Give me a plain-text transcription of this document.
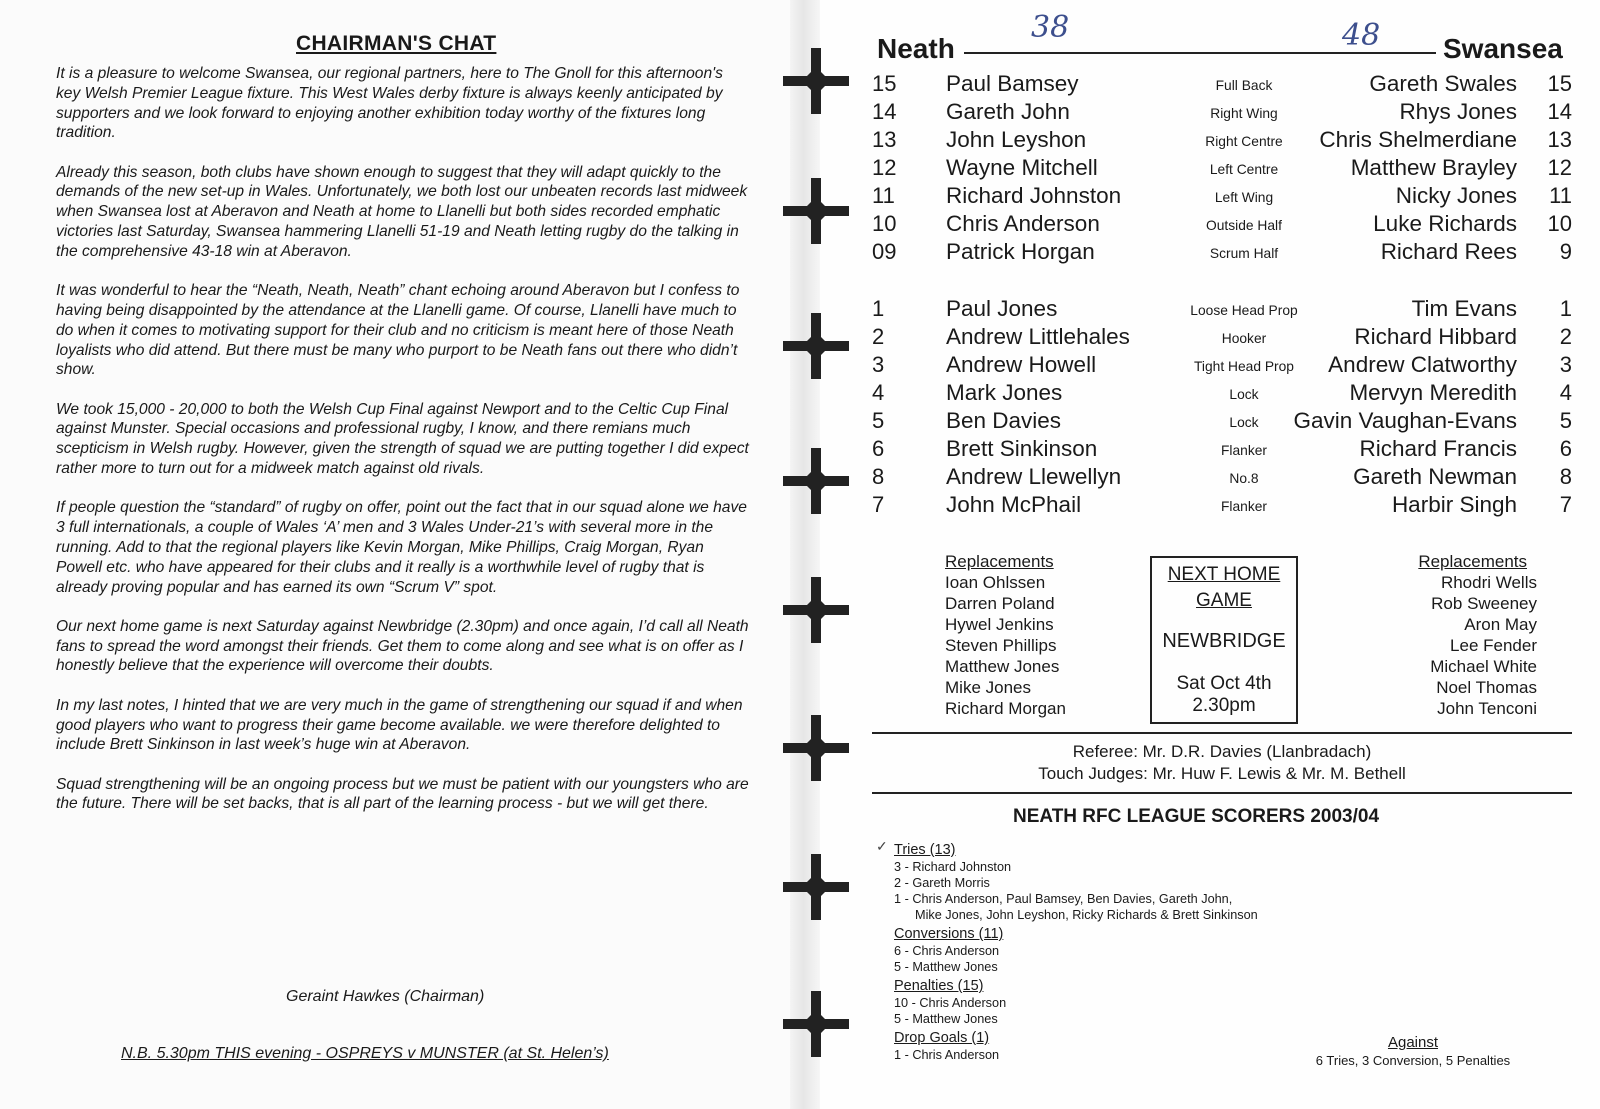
CHAIRMAN'S CHAT

It is a pleasure to welcome Swansea, our regional partners, here to The Gnoll for this afternoon's key Welsh Premier League fixture. This West Wales derby fixture is always keenly anticipated by supporters and we look forward to enjoying another exhibition today worthy of the fixtures long tradition.

Already this season, both clubs have shown enough to suggest that they will adapt quickly to the demands of the new set-up in Wales. Unfortunately, we both lost our unbeaten records last midweek when Swansea lost at Aberavon and Neath at home to Llanelli but both sides recorded emphatic victories last Saturday, Swansea hammering Llanelli 51-19 and Neath letting rugby do the talking in the comprehensive 43-18 win at Aberavon.

It was wonderful to hear the “Neath, Neath, Neath” chant echoing around Aberavon but I confess to having being disappointed by the attendance at the Llanelli game. Of course, Llanelli have much to do when it comes to motivating support for their club and no criticism is meant here of those Neath loyalists who did attend. But there must be many who purport to be Neath fans out there who didn’t show.

We took 15,000 - 20,000 to both the Welsh Cup Final against Newport and to the Celtic Cup Final against Munster. Special occasions and professional rugby, I know, and there remians much scepticism in Welsh rugby. However, given the strength of squad we are putting together I did expect rather more to turn out for a midweek match against old rivals.

If people question the “standard” of rugby on offer, point out the fact that in our squad alone we have 3 full internationals, a couple of Wales ‘A’ men and 3 Wales Under-21’s with several more in the running. Add to that the regional players like Kevin Morgan, Mike Phillips, Craig Morgan, Ryan Powell etc. who have appeared for their clubs and it really is a worthwhile level of rugby that is already proving popular and has earned its own “Scrum V” spot.

Our next home game is next Saturday against Newbridge (2.30pm) and once again, I’d call all Neath fans to spread the word amongst their friends. Get them to come along and see what is on offer as I honestly believe that the experience will overcome their doubts.

In my last notes, I hinted that we are very much in the game of strengthening our squad if and when good players who want to progress their game become available. we were therefore delighted to include Brett Sinkinson in last week’s huge win at Aberavon.

Squad strengthening will be an ongoing process but we must be patient with our youngsters who are the future. There will be set backs, that is all part of the learning process - but we will get there.

Geraint Hawkes (Chairman)
N.B. 5.30pm THIS evening - OSPREYS v MUNSTER (at St. Helen’s)
Neath	Swansea
38	48
15	Paul Bamsey	Full Back	Gareth Swales	15
14	Gareth John	Right Wing	Rhys Jones	14
13	John Leyshon	Right Centre	Chris Shelmerdiane	13
12	Wayne Mitchell	Left Centre	Matthew Brayley	12
11	Richard Johnston	Left Wing	Nicky Jones	11
10	Chris Anderson	Outside Half	Luke Richards	10
09	Patrick Horgan	Scrum Half	Richard Rees	9
1	Paul Jones	Loose Head Prop	Tim Evans	1
2	Andrew Littlehales	Hooker	Richard Hibbard	2
3	Andrew Howell	Tight Head Prop	Andrew Clatworthy	3
4	Mark Jones	Lock	Mervyn Meredith	4
5	Ben Davies	Lock	Gavin Vaughan-Evans	5
6	Brett Sinkinson	Flanker	Richard Francis	6
8	Andrew Llewellyn	No.8	Gareth Newman	8
7	John McPhail	Flanker	Harbir Singh	7
Replacements
Ioan Ohlssen
Darren Poland
Hywel Jenkins
Steven Phillips
Matthew Jones
Mike Jones
Richard Morgan
NEXT HOME
GAME
NEWBRIDGE
Sat Oct 4th
2.30pm
Replacements
Rhodri Wells
Rob Sweeney
Aron May
Lee Fender
Michael White
Noel Thomas
John Tenconi
Referee: Mr. D.R. Davies (Llanbradach)
Touch Judges: Mr. Huw F. Lewis & Mr. M. Bethell
NEATH RFC LEAGUE SCORERS 2003/04
✓ Tries (13)
3 - Richard Johnston
2 - Gareth Morris
1 - Chris Anderson, Paul Bamsey, Ben Davies, Gareth John,
Mike Jones, John Leyshon, Ricky Richards & Brett Sinkinson
Conversions (11)
6 - Chris Anderson
5 - Matthew Jones
Penalties (15)
10 - Chris Anderson
5 - Matthew Jones
Drop Goals (1)
1 - Chris Anderson
Against
6 Tries, 3 Conversion, 5 Penalties
